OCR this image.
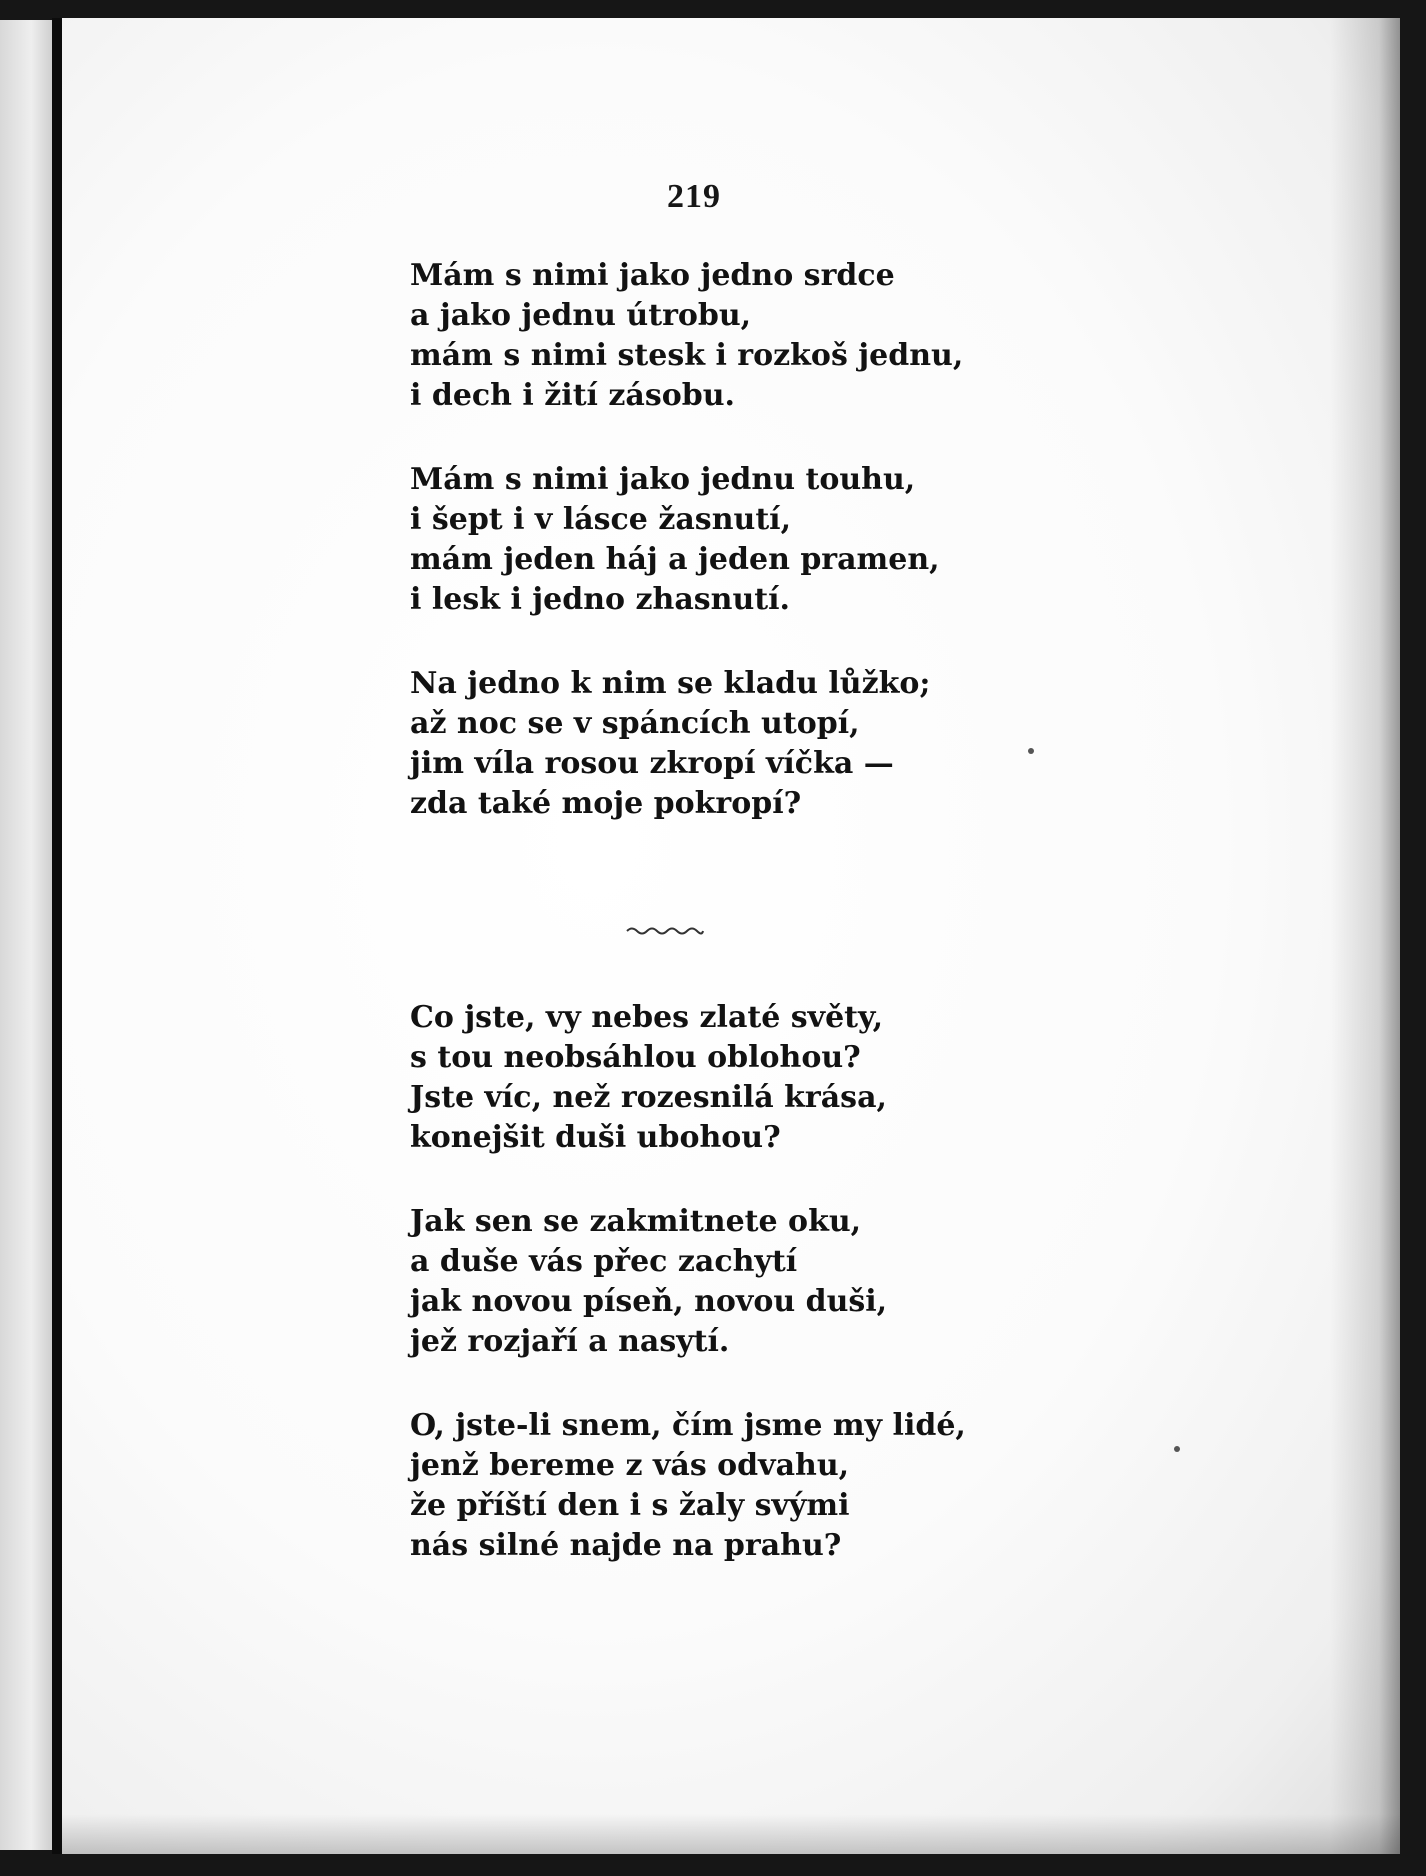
219

Mám s nimi jako jedno srdce
a jako jednu útrobu,
mám s nimi stesk i rozkoš jednu,
i dech i žití zásobu.
Mám s nimi jako jednu touhu,
i šept i v lásce žasnutí,
mám jeden háj a jeden pramen,
i lesk i jedno zhasnutí.
Na jedno k nim se kladu lůžko;
až noc se v spáncích utopí,
jim víla rosou zkropí víčka —
zda také moje pokropí?
Co jste, vy nebes zlaté světy,
s tou neobsáhlou oblohou?
Jste víc, než rozesnilá krása,
konejšit duši ubohou?
Jak sen se zakmitnete oku,
a duše vás přec zachytí
jak novou píseň, novou duši,
jež rozjaří a nasytí.
O, jste-li snem, čím jsme my lidé,
jenž bereme z vás odvahu,
že příští den i s žaly svými
nás silné najde na prahu?
